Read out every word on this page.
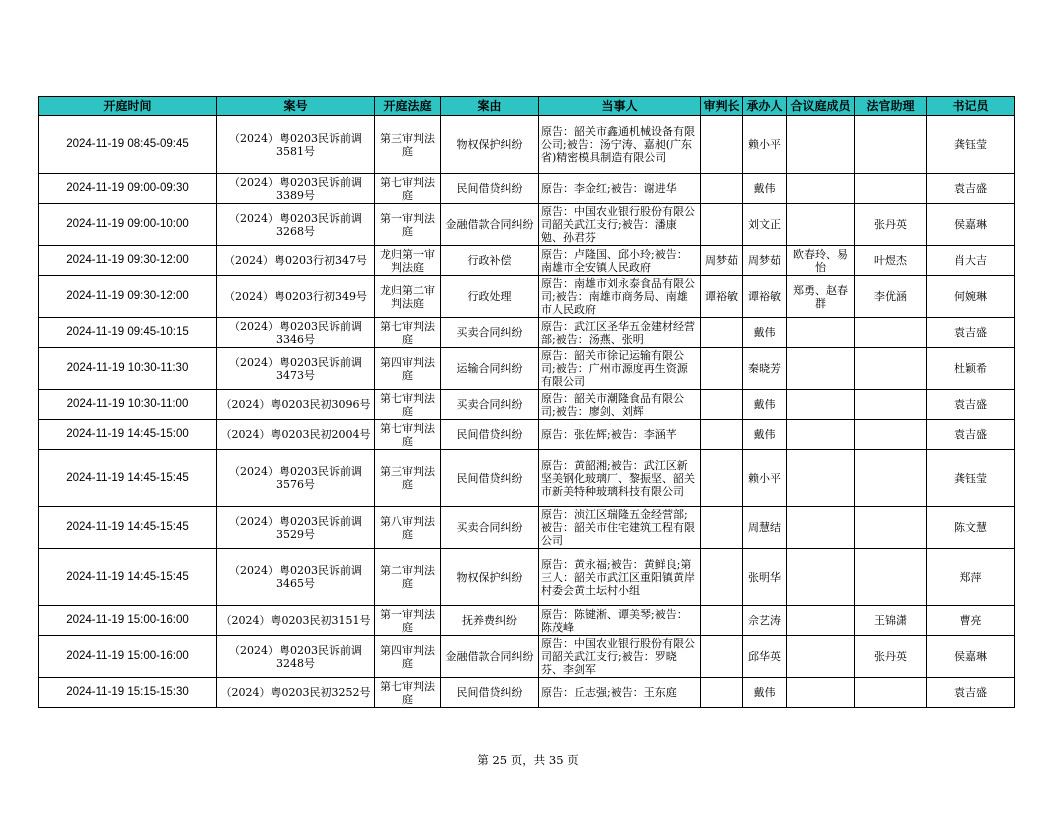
开庭时间	案号	开庭法庭	案由	当事人	审判长	承办人	合议庭成员	法官助理	书记员
2024-11-19 08:45-09:45	（2024）粤0203民诉前调3581号	第三审判法庭	物权保护纠纷	原告：韶关市鑫通机械设备有限公司;被告：汤宁涛、嘉昶(广东省)精密模具制造有限公司		赖小平			龚钰莹
2024-11-19 09:00-09:30	（2024）粤0203民诉前调3389号	第七审判法庭	民间借贷纠纷	原告：李金红;被告：谢进华		戴伟			袁吉盛
2024-11-19 09:00-10:00	（2024）粤0203民诉前调3268号	第一审判法庭	金融借款合同纠纷	原告：中国农业银行股份有限公司韶关武江支行;被告：潘康勉、孙君芬		刘文正		张丹英	侯嘉琳
2024-11-19 09:30-12:00	（2024）粤0203行初347号	龙归第一审判法庭	行政补偿	原告：卢隆国、邱小玲;被告：南雄市全安镇人民政府	周梦茹	周梦茹	欧春玲、易怡	叶煜杰	肖大吉
2024-11-19 09:30-12:00	（2024）粤0203行初349号	龙归第二审判法庭	行政处理	原告：南雄市刘永泰食品有限公司;被告：南雄市商务局、南雄市人民政府	谭裕敏	谭裕敏	郑勇、赵春群	李优涵	何婉琳
2024-11-19 09:45-10:15	（2024）粤0203民诉前调3346号	第七审判法庭	买卖合同纠纷	原告：武江区圣华五金建材经营部;被告：汤燕、张明		戴伟			袁吉盛
2024-11-19 10:30-11:30	（2024）粤0203民诉前调3473号	第四审判法庭	运输合同纠纷	原告：韶关市徐记运输有限公司;被告：广州市源度再生资源有限公司		秦晓芳			杜颖希
2024-11-19 10:30-11:00	（2024）粤0203民初3096号	第七审判法庭	买卖合同纠纷	原告：韶关市潮隆食品有限公司;被告：廖剑、刘辉		戴伟			袁吉盛
2024-11-19 14:45-15:00	（2024）粤0203民初2004号	第七审判法庭	民间借贷纠纷	原告：张佐辉;被告：李涵芊		戴伟			袁吉盛
2024-11-19 14:45-15:45	（2024）粤0203民诉前调3576号	第三审判法庭	民间借贷纠纷	原告：黄韶湘;被告：武江区新坚美钢化玻璃厂、黎振坚、韶关市新美特种玻璃科技有限公司		赖小平			龚钰莹
2024-11-19 14:45-15:45	（2024）粤0203民诉前调3529号	第八审判法庭	买卖合同纠纷	原告：浈江区瑞隆五金经营部;被告：韶关市住宅建筑工程有限公司		周慧结			陈文慧
2024-11-19 14:45-15:45	（2024）粤0203民诉前调3465号	第二审判法庭	物权保护纠纷	原告：黄永福;被告：黄鲜良;第三人：韶关市武江区重阳镇黄岸村委会黄土坛村小组		张明华			郑萍
2024-11-19 15:00-16:00	（2024）粤0203民初3151号	第一审判法庭	抚养费纠纷	原告：陈键淅、谭美琴;被告：陈茂峰		佘艺涛		王锦潇	曹亮
2024-11-19 15:00-16:00	（2024）粤0203民诉前调3248号	第四审判法庭	金融借款合同纠纷	原告：中国农业银行股份有限公司韶关武江支行;被告：罗晓芬、李剑军		邱华英		张丹英	侯嘉琳
2024-11-19 15:15-15:30	（2024）粤0203民初3252号	第七审判法庭	民间借贷纠纷	原告：丘志强;被告：王东庭		戴伟			袁吉盛
第 25 页，共 35 页
